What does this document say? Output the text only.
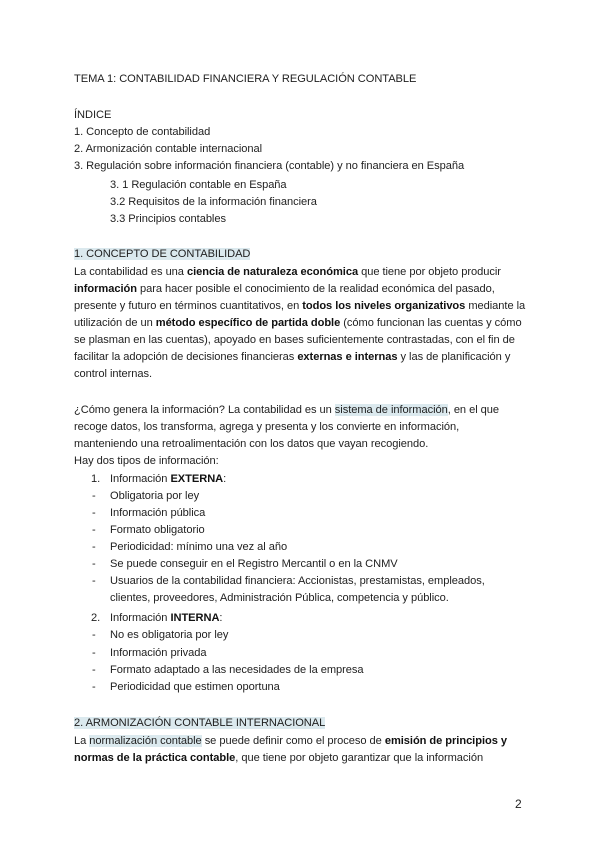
TEMA 1: CONTABILIDAD FINANCIERA Y REGULACIÓN CONTABLE
ÍNDICE
1. Concepto de contabilidad
2. Armonización contable internacional
3. Regulación sobre información financiera (contable) y no financiera en España
3. 1 Regulación contable en España
3.2 Requisitos de la información financiera
3.3 Principios contables
1. CONCEPTO DE CONTABILIDAD
La contabilidad es una ciencia de naturaleza económica que tiene por objeto producir
información para hacer posible el conocimiento de la realidad económica del pasado,
presente y futuro en términos cuantitativos, en todos los niveles organizativos mediante la
utilización de un método específico de partida doble (cómo funcionan las cuentas y cómo
se plasman en las cuentas), apoyado en bases suficientemente contrastadas, con el fin de
facilitar la adopción de decisiones financieras externas e internas y las de planificación y
control internas.
¿Cómo genera la información? La contabilidad es un sistema de información, en el que
recoge datos, los transforma, agrega y presenta y los convierte en información,
manteniendo una retroalimentación con los datos que vayan recogiendo.
Hay dos tipos de información:
1. Información EXTERNA:
- Obligatoria por ley
- Información pública
- Formato obligatorio
- Periodicidad: mínimo una vez al año
- Se puede conseguir en el Registro Mercantil o en la CNMV
- Usuarios de la contabilidad financiera: Accionistas, prestamistas, empleados,
clientes, proveedores, Administración Pública, competencia y público.
2. Información INTERNA:
- No es obligatoria por ley
- Información privada
- Formato adaptado a las necesidades de la empresa
- Periodicidad que estimen oportuna
2. ARMONIZACIÓN CONTABLE INTERNACIONAL
La normalización contable se puede definir como el proceso de emisión de principios y
normas de la práctica contable, que tiene por objeto garantizar que la información
2
